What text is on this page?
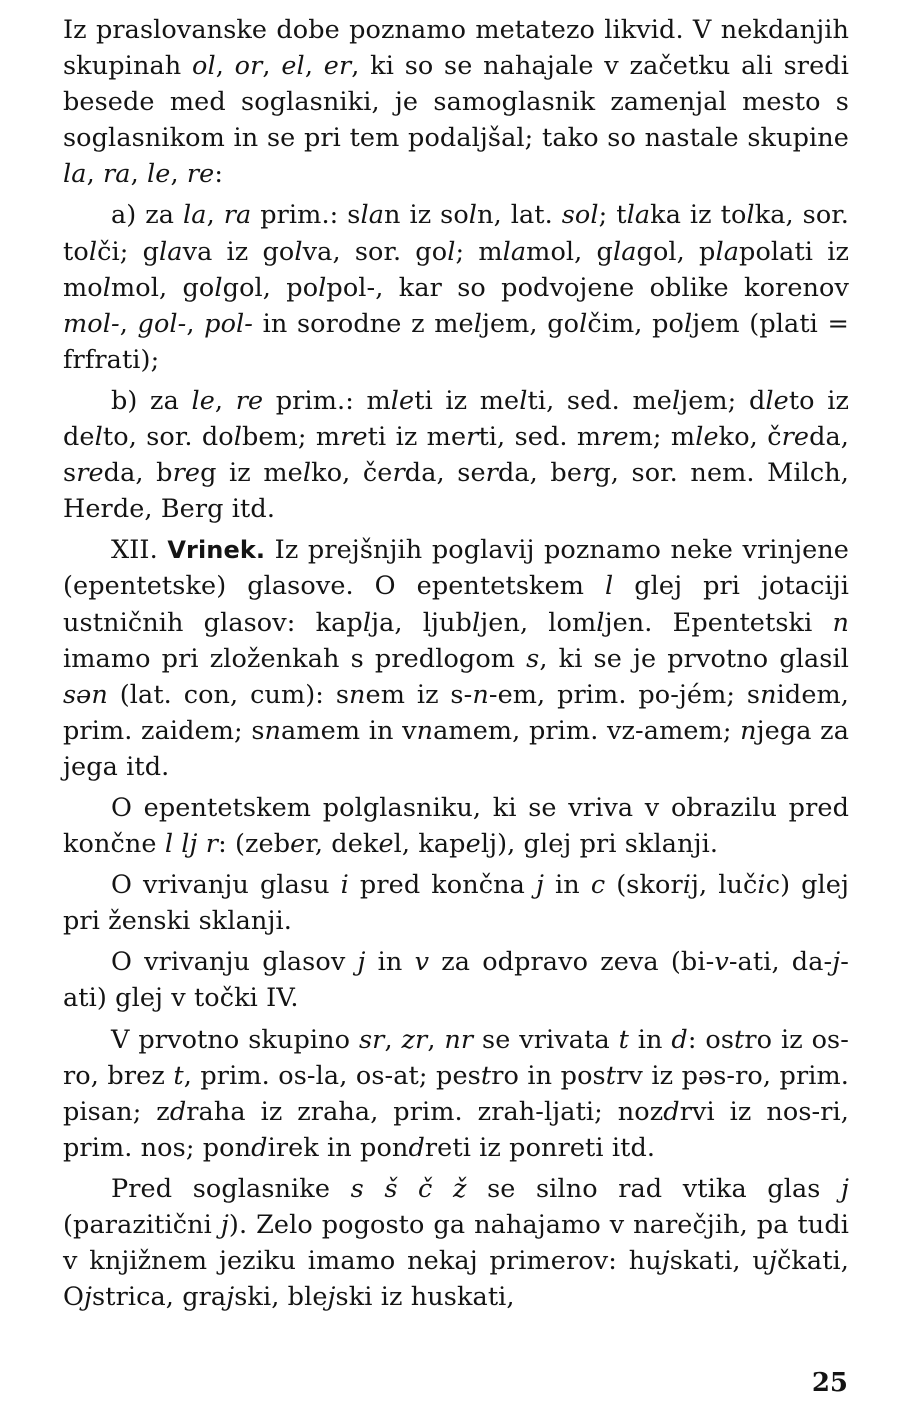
Iz praslovanske dobe poznamo metatezo likvid. V nekdanjih skupinah ol, or, el, er, ki so se nahajale v začetku ali sredi besede med soglasniki, je samoglasnik zamenjal mesto s soglasnikom in se pri tem podaljšal; tako so nastale skupine la, ra, le, re:

a) za la, ra prim.: slan iz soln, lat. sol; tlaka iz tolka, sor. tolči; glava iz golva, sor. gol; mlamol, glagol, plapolati iz molmol, golgol, polpol-, kar so podvojene oblike korenov mol-, gol-, pol- in sorodne z meljem, golčim, poljem (plati = frfrati);

b) za le, re prim.: mleti iz melti, sed. meljem; dleto iz delto, sor. dolbem; mreti iz merti, sed. mrem; mleko, čreda, sreda, breg iz melko, čerda, serda, berg, sor. nem. Milch, Herde, Berg itd.

XII. Vrinek. Iz prejšnjih poglavij poznamo neke vrinjene (epentetske) glasove. O epentetskem l glej pri jotaciji ustničnih glasov: kaplja, ljubljen, lomljen. Epentetski n imamo pri zloženkah s predlogom s, ki se je prvotno glasil sən (lat. con, cum): snem iz s-n-em, prim. po-jém; snidem, prim. zaidem; snamem in vnamem, prim. vz-amem; njega za jega itd.

O epentetskem polglasniku, ki se vriva v obrazilu pred končne l lj r: (zeber, dekel, kapelj), glej pri sklanji.

O vrivanju glasu i pred končna j in c (skorij, lučic) glej pri ženski sklanji.

O vrivanju glasov j in v za odpravo zeva (bi-v-ati, da-j-ati) glej v točki IV.

V prvotno skupino sr, zr, nr se vrivata t in d: ostro iz os-ro, brez t, prim. os-la, os-at; pestro in postrv iz pəs-ro, prim. pisan; zdraha iz zraha, prim. zrah-ljati; nozdrvi iz nos-ri, prim. nos; pondirek in pondreti iz ponreti itd.

Pred soglasnike s š č ž se silno rad vtika glas j (parazitični j). Zelo pogosto ga nahajamo v narečjih, pa tudi v knjižnem jeziku imamo nekaj primerov: hujskati, ujčkati, Ojstrica, grajski, blejski iz huskati,

25
